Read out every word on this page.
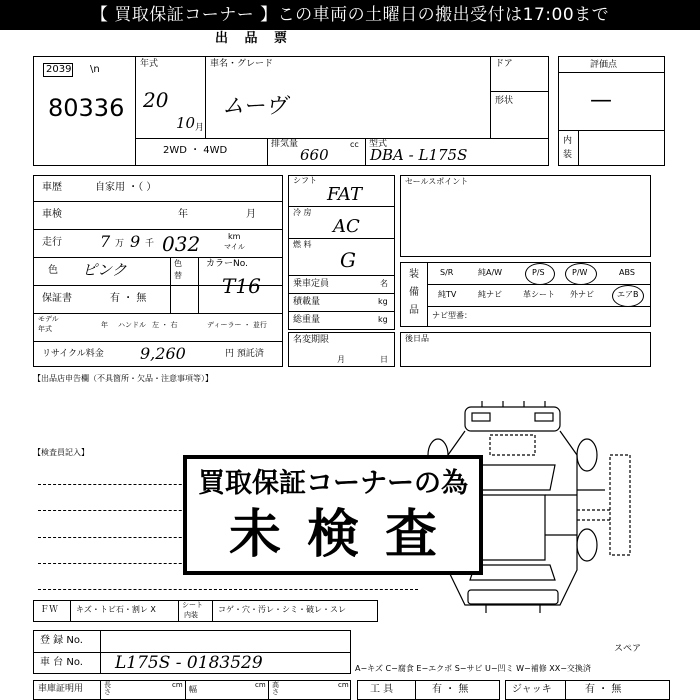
【 買取保証コーナー 】この車両の土曜日の搬出受付は17:00まで
出 品 票
2039 \n
80336
年式
20
10 月
車名・グレード
ムーヴ
ドア
形状
2WD ・ 4WD
排気量
660
cc 型式
DBA - L175S
評価点
—
内
装
車歴	自家用 ・（ ）
車検	年	月
走行 7 万 9 千 032	km
マイル
色 ピンク	色
替
カラーNo.
T16
保証書	有 ・ 無
モデル
年式	年 ハンドル 左 ・ 右	ディーラー ・ 並行
リサイクル料金 9,260	円 預託済
【出品店申告欄（不具箇所・欠品・注意事項等）】
シフト
FAT
冷 房
AC
燃 料
G
乗車定員	名
積載量	kg
総重量	kg
名変期限
月	日
セールスポイント
装
備
品
S/R	純A/W	P/S	P/W	ABS
純TV	純ナビ	革シート 外ナビ	エアB
ナビ型番：
後日品
【検査員記入】
買取保証コーナーの為
未検査
ＦＷ キズ・トビ石・割レ X	シート
内装
コゲ・穴・汚レ・シミ・破レ・スレ
登 録 No.
車 台 No. L175S - 0183529
車庫証明用	長さ
cm 幅	cm 高さ
cm
スペア
A−キズ C−腐食 E−エクボ S−サビ U−凹ミ W−補修 XX−交換済
工 具	有 ・ 無	ジャッキ	有 ・ 無
